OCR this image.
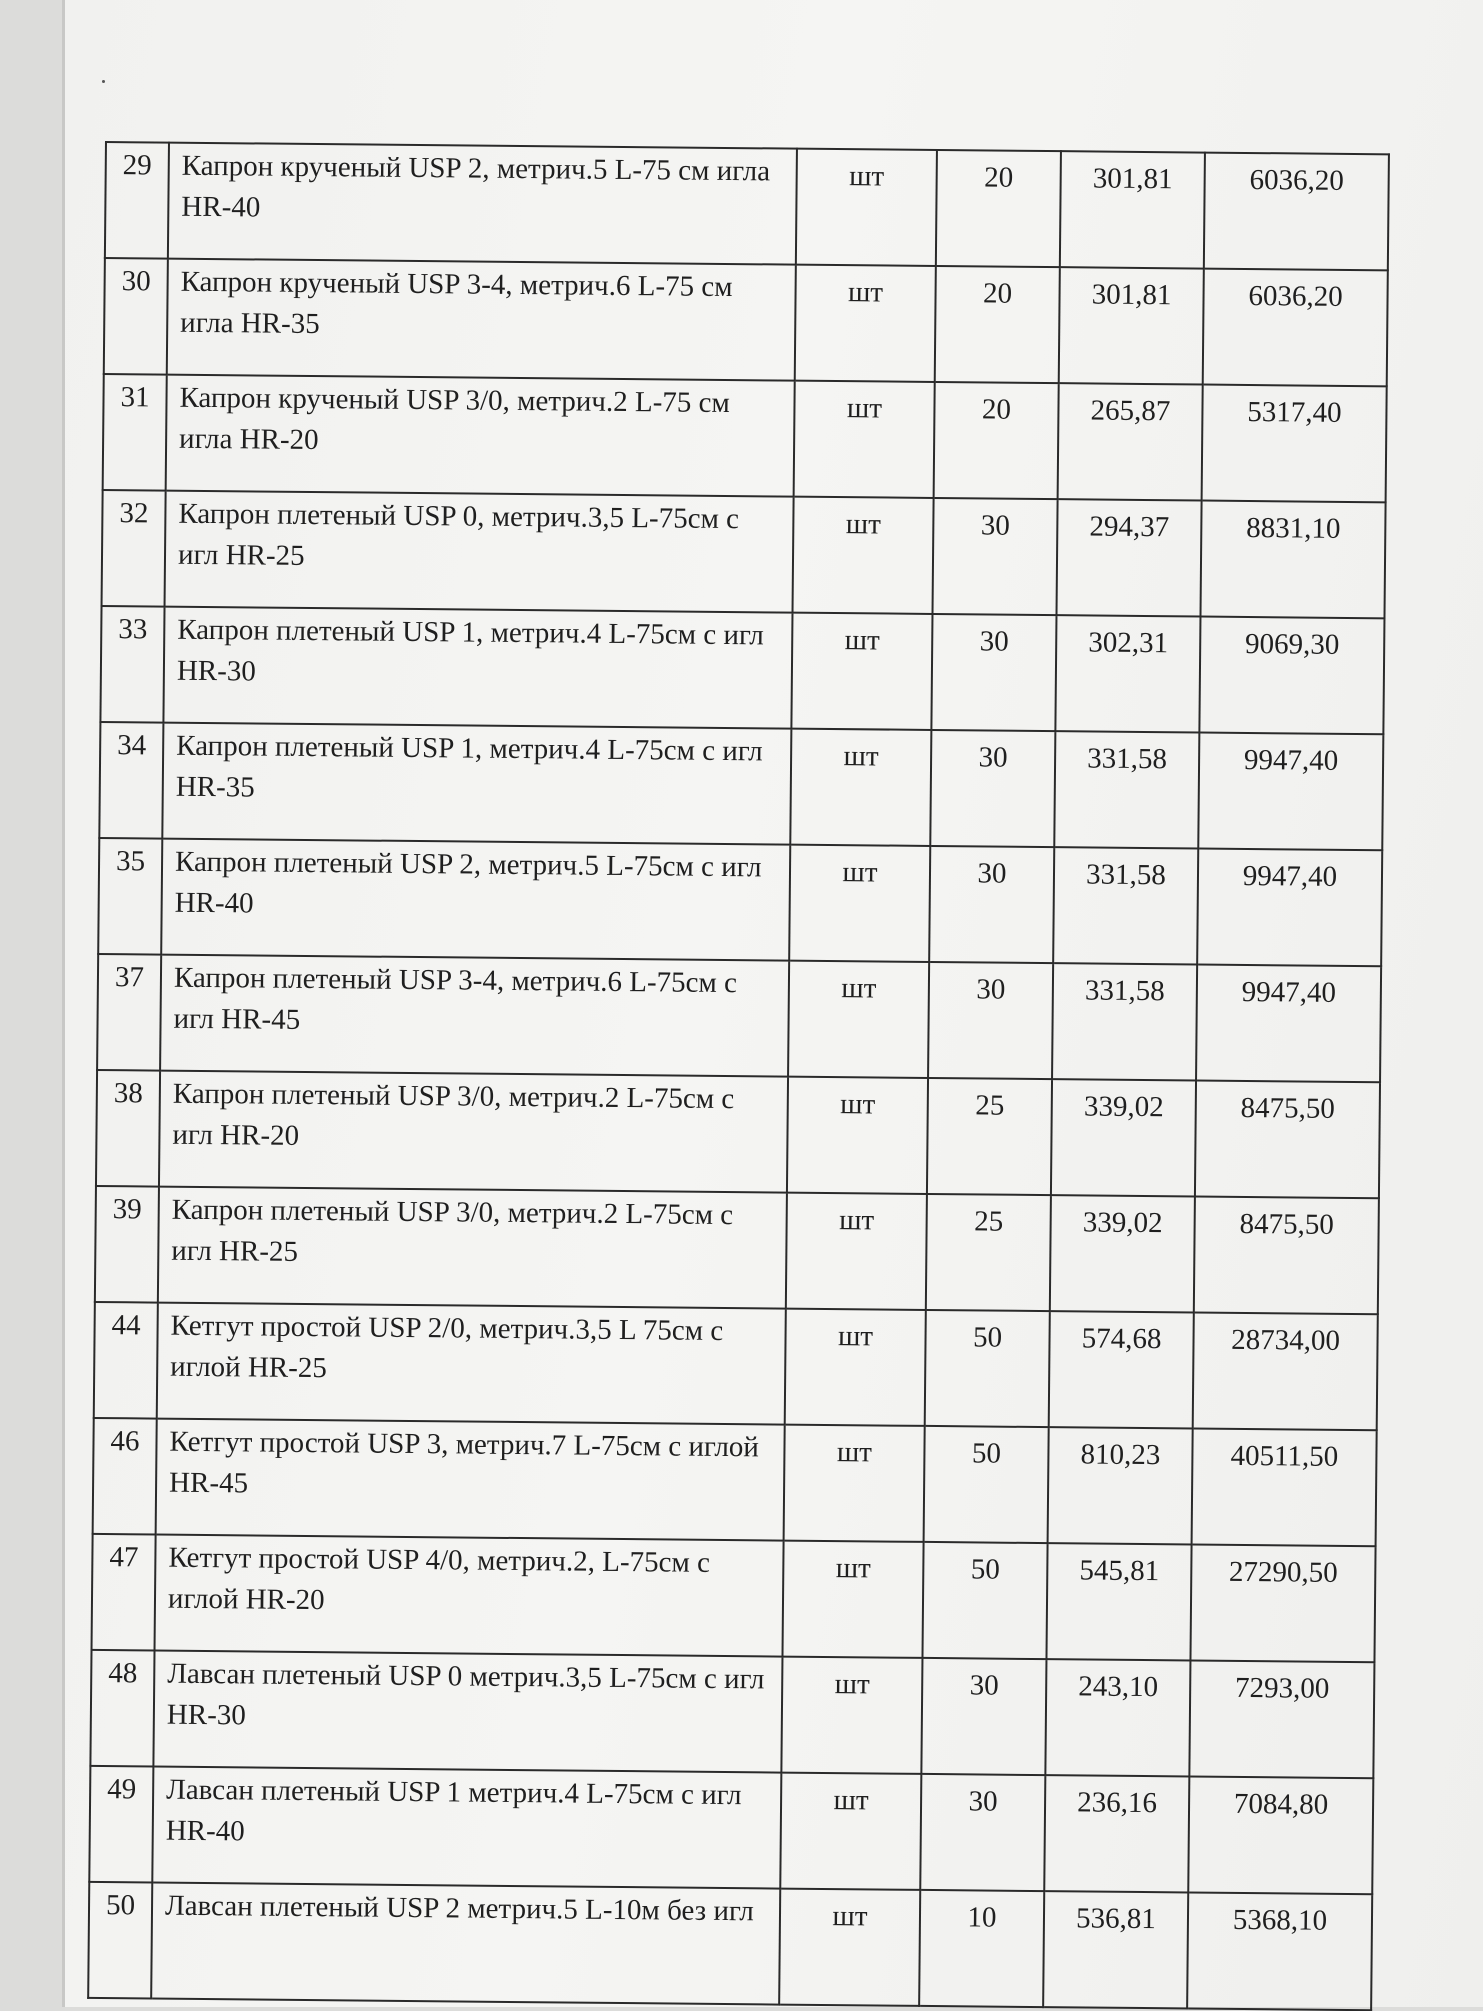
29	Капрон крученый USP 2, метрич.5 L-75 см игла HR-40	шт	20	301,81	6036,20
30	Капрон крученый USP 3-4, метрич.6 L-75 см игла HR-35	шт	20	301,81	6036,20
31	Капрон крученый USP 3/0, метрич.2 L-75 см игла HR-20	шт	20	265,87	5317,40
32	Капрон плетеный USP 0, метрич.3,5 L-75см с игл HR-25	шт	30	294,37	8831,10
33	Капрон плетеный USP 1, метрич.4 L-75см с игл HR-30	шт	30	302,31	9069,30
34	Капрон плетеный USP 1, метрич.4 L-75см с игл HR-35	шт	30	331,58	9947,40
35	Капрон плетеный USP 2, метрич.5 L-75см с игл HR-40	шт	30	331,58	9947,40
37	Капрон плетеный USP 3-4, метрич.6 L-75см с игл HR-45	шт	30	331,58	9947,40
38	Капрон плетеный USP 3/0, метрич.2 L-75см с игл HR-20	шт	25	339,02	8475,50
39	Капрон плетеный USP 3/0, метрич.2 L-75см с игл HR-25	шт	25	339,02	8475,50
44	Кетгут простой USP 2/0, метрич.3,5 L 75см с иглой HR-25	шт	50	574,68	28734,00
46	Кетгут простой USP 3, метрич.7 L-75см с иглой HR-45	шт	50	810,23	40511,50
47	Кетгут простой USP 4/0, метрич.2, L-75см с иглой HR-20	шт	50	545,81	27290,50
48	Лавсан плетеный USP 0 метрич.3,5 L-75см с игл HR-30	шт	30	243,10	7293,00
49	Лавсан плетеный USP 1 метрич.4 L-75см с игл HR-40	шт	30	236,16	7084,80
50	Лавсан плетеный USP 2 метрич.5 L-10м без игл	шт	10	536,81	5368,10
